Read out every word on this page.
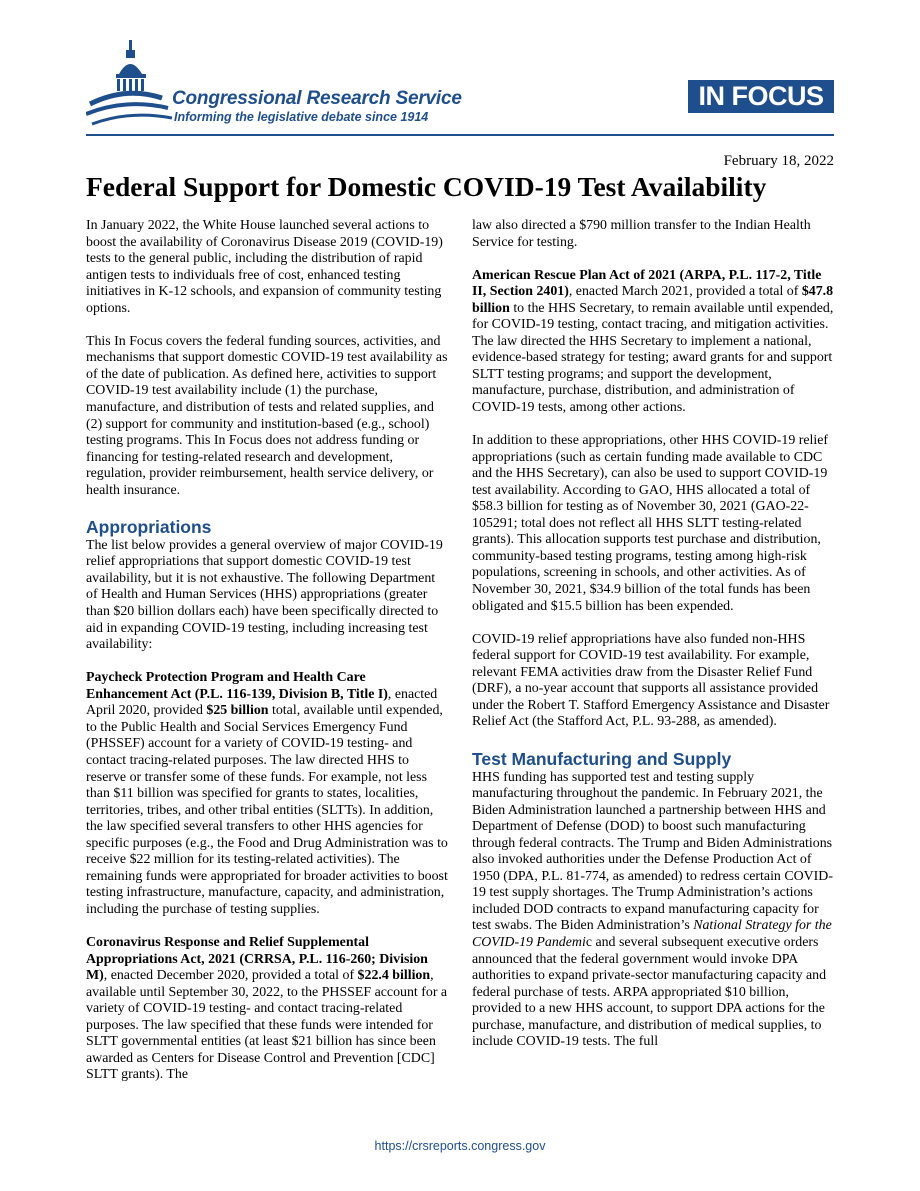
Congressional Research Service
Informing the legislative debate since 1914
IN FOCUS
February 18, 2022
Federal Support for Domestic COVID-19 Test Availability

In January 2022, the White House launched several actions to boost the availability of Coronavirus Disease 2019 (COVID-19) tests to the general public, including the distribution of rapid antigen tests to individuals free of cost, enhanced testing initiatives in K-12 schools, and expansion of community testing options.

This In Focus covers the federal funding sources, activities, and mechanisms that support domestic COVID-19 test availability as of the date of publication. As defined here, activities to support COVID-19 test availability include (1) the purchase, manufacture, and distribution of tests and related supplies, and (2) support for community and institution-based (e.g., school) testing programs. This In Focus does not address funding or financing for testing-related research and development, regulation, provider reimbursement, health service delivery, or health insurance.

Appropriations

The list below provides a general overview of major COVID-19 relief appropriations that support domestic COVID-19 test availability, but it is not exhaustive. The following Department of Health and Human Services (HHS) appropriations (greater than $20 billion dollars each) have been specifically directed to aid in expanding COVID-19 testing, including increasing test availability:

Paycheck Protection Program and Health Care Enhancement Act (P.L. 116-139, Division B, Title I), enacted April 2020, provided $25 billion total, available until expended, to the Public Health and Social Services Emergency Fund (PHSSEF) account for a variety of COVID-19 testing- and contact tracing-related purposes. The law directed HHS to reserve or transfer some of these funds. For example, not less than $11 billion was specified for grants to states, localities, territories, tribes, and other tribal entities (SLTTs). In addition, the law specified several transfers to other HHS agencies for specific purposes (e.g., the Food and Drug Administration was to receive $22 million for its testing-related activities). The remaining funds were appropriated for broader activities to boost testing infrastructure, manufacture, capacity, and administration, including the purchase of testing supplies.

Coronavirus Response and Relief Supplemental Appropriations Act, 2021 (CRRSA, P.L. 116-260; Division M), enacted December 2020, provided a total of $22.4 billion, available until September 30, 2022, to the PHSSEF account for a variety of COVID-19 testing- and contact tracing-related purposes. The law specified that these funds were intended for SLTT governmental entities (at least $21 billion has since been awarded as Centers for Disease Control and Prevention [CDC] SLTT grants). The

law also directed a $790 million transfer to the Indian Health Service for testing.

American Rescue Plan Act of 2021 (ARPA, P.L. 117-2, Title II, Section 2401), enacted March 2021, provided a total of $47.8 billion to the HHS Secretary, to remain available until expended, for COVID-19 testing, contact tracing, and mitigation activities. The law directed the HHS Secretary to implement a national, evidence-based strategy for testing; award grants for and support SLTT testing programs; and support the development, manufacture, purchase, distribution, and administration of COVID-19 tests, among other actions.

In addition to these appropriations, other HHS COVID-19 relief appropriations (such as certain funding made available to CDC and the HHS Secretary), can also be used to support COVID-19 test availability. According to GAO, HHS allocated a total of $58.3 billion for testing as of November 30, 2021 (GAO-22-105291; total does not reflect all HHS SLTT testing-related grants). This allocation supports test purchase and distribution, community-based testing programs, testing among high-risk populations, screening in schools, and other activities. As of November 30, 2021, $34.9 billion of the total funds has been obligated and $15.5 billion has been expended.

COVID-19 relief appropriations have also funded non-HHS federal support for COVID-19 test availability. For example, relevant FEMA activities draw from the Disaster Relief Fund (DRF), a no-year account that supports all assistance provided under the Robert T. Stafford Emergency Assistance and Disaster Relief Act (the Stafford Act, P.L. 93-288, as amended).

Test Manufacturing and Supply

HHS funding has supported test and testing supply manufacturing throughout the pandemic. In February 2021, the Biden Administration launched a partnership between HHS and Department of Defense (DOD) to boost such manufacturing through federal contracts. The Trump and Biden Administrations also invoked authorities under the Defense Production Act of 1950 (DPA, P.L. 81-774, as amended) to redress certain COVID-19 test supply shortages. The Trump Administration’s actions included DOD contracts to expand manufacturing capacity for test swabs. The Biden Administration’s National Strategy for the COVID-19 Pandemic and several subsequent executive orders announced that the federal government would invoke DPA authorities to expand private-sector manufacturing capacity and federal purchase of tests. ARPA appropriated $10 billion, provided to a new HHS account, to support DPA actions for the purchase, manufacture, and distribution of medical supplies, to include COVID-19 tests. The full

https://crsreports.congress.gov
